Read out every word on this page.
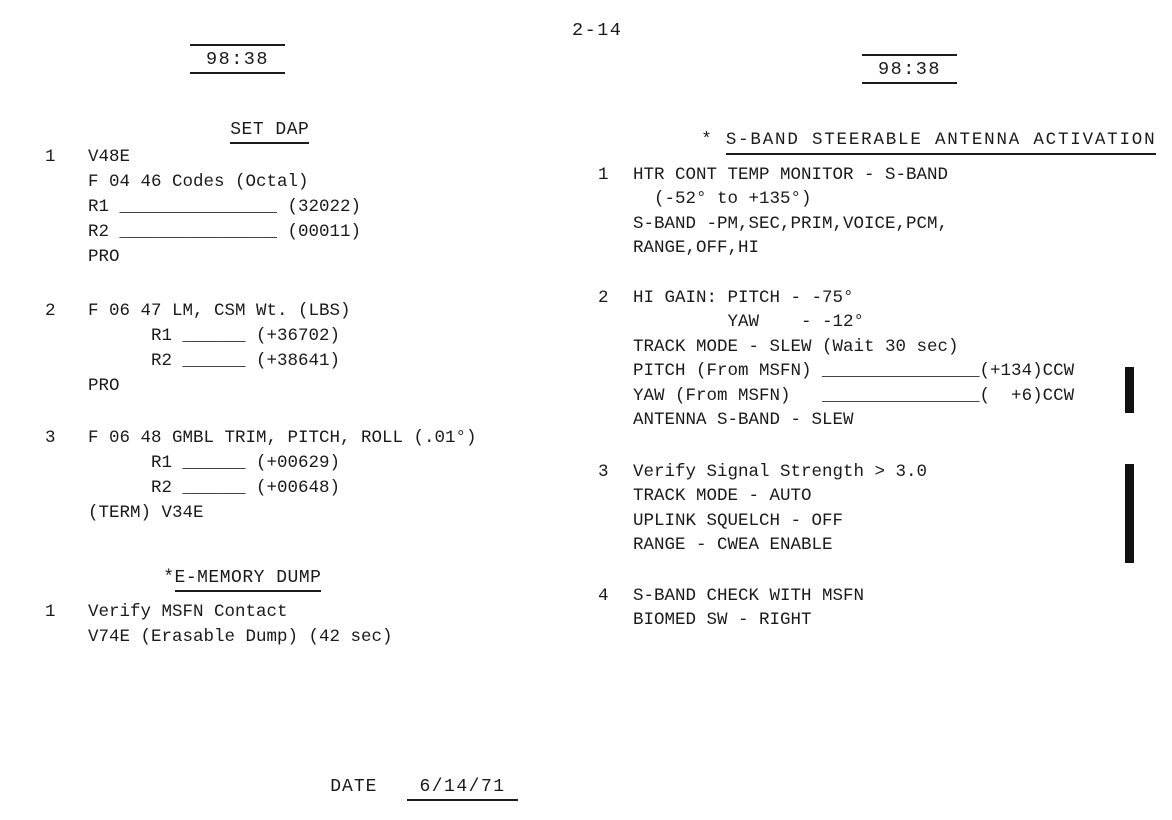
2-14
98:38

SET DAP

1	V48E
F 04 46 Codes (Octal)
R1 _______________ (32022)
R2 _______________ (00011)
PRO
2	F 06 47 LM, CSM Wt. (LBS)
R1 ______ (+36702)
R2 ______ (+38641)
PRO
3	F 06 48 GMBL TRIM, PITCH, ROLL (.01°)
R1 ______ (+00629)
R2 ______ (+00648)
(TERM) V34E

*E-MEMORY DUMP

1	Verify MSFN Contact
V74E (Erasable Dump) (42 sec)
98:38

* S-BAND STEERABLE ANTENNA ACTIVATION

1	HTR CONT TEMP MONITOR - S-BAND
(-52° to +135°)
S-BAND -PM,SEC,PRIM,VOICE,PCM,
RANGE,OFF,HI
2	HI GAIN: PITCH - -75°
YAW    - -12°
TRACK MODE - SLEW (Wait 30 sec)
PITCH (From MSFN) _______________(+134)CCW
YAW (From MSFN)   _______________(  +6)CCW
ANTENNA S-BAND - SLEW
3	Verify Signal Strength > 3.0
TRACK MODE - AUTO
UPLINK SQUELCH - OFF
RANGE - CWEA ENABLE
4	S-BAND CHECK WITH MSFN
BIOMED SW - RIGHT

DATE 6/14/71
